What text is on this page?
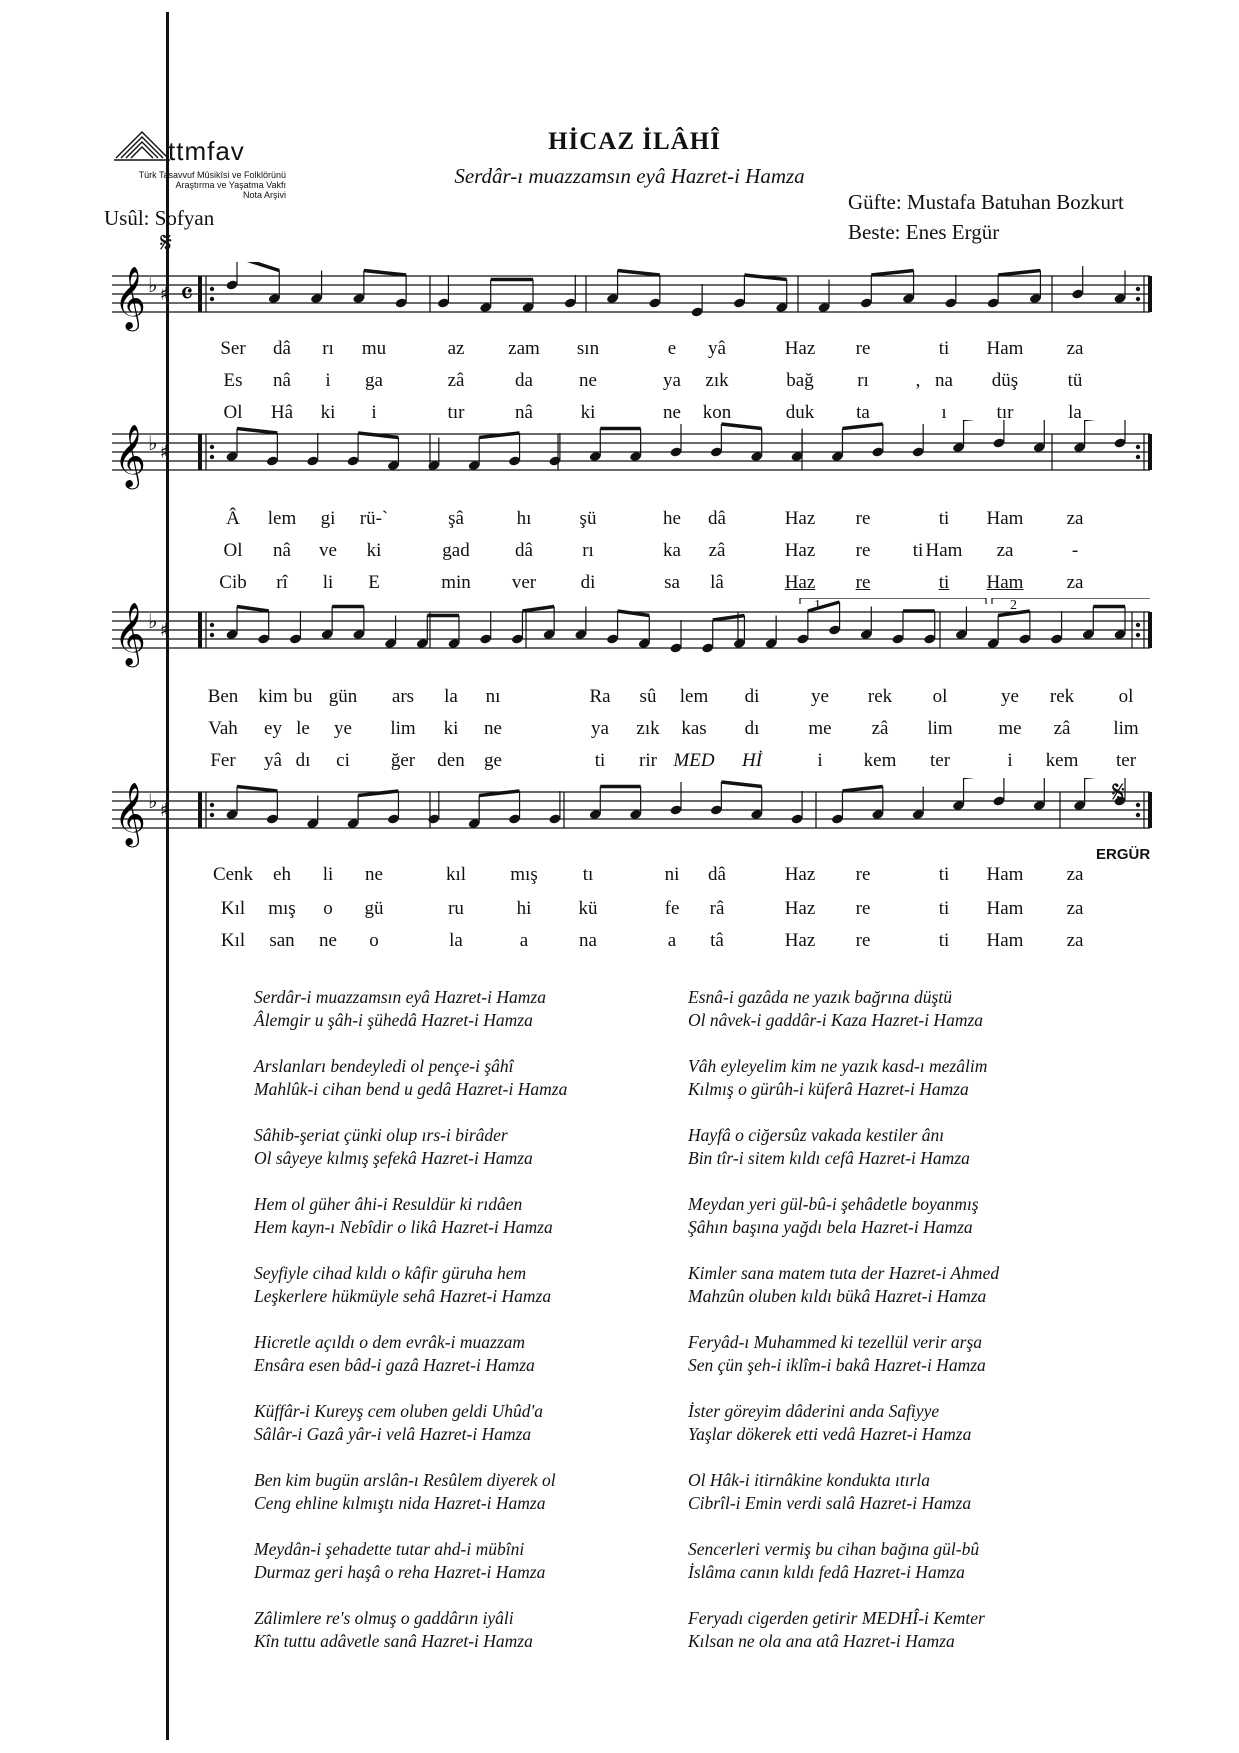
ttmfav
Türk Tasavvuf Mûsikîsi ve Folklörünü
Araştırma ve Yaşatma Vakfı
Nota Arşivi
HİCAZ İLÂHÎ
Serdâr-ı muazzamsın eyâ Hazret-i Hamza
Güfte: Mustafa Batuhan Bozkurt
Beste: Enes Ergür
Usûl: Sofyan
𝄋
𝄞 ♭ ♯ 𝄴
𝄞 ♭ ♯
𝄞 ♭ ♯
𝄞 ♭ ♯
1	2
𝄋
ERGÜR
Ser dâ rı mu	az zam sın	e yâ	Haz re	ti Ham za
Es nâ i ga	zâ	da ne	ya zık	bağ rı , na düş	tü
Ol Hâ ki i	tır	nâ	ki	ne kon	duk ta	ı	tır	la
Â lem gi rü-`	şâ	hı	şü	he dâ	Haz re	ti Ham za
Ol nâ ve ki	gad dâ	rı	ka zâ	Haz re ti Ham za	-
Cib rî li E	min ver di	sa lâ	Haz re	ti Ham za
Ben kim bu gün ars la nı	Ra sû lem di	ye rek ol	ye rek ol
Vah ey le ye lim ki ne	ya zık kas dı	me zâ lim me zâ lim
Fer yâ dı ci ğer den ge	ti rir MED Hİ	i kem ter	i kem ter
Cenk eh li ne	kıl mış tı	ni dâ	Haz re	ti Ham za
Kıl mış o gü	ru	hi kü	fe râ	Haz re	ti Ham za
Kıl san ne o	la	a	na	a tâ	Haz re	ti Ham za
Serdâr-i muazzamsın eyâ Hazret-i Hamza
Âlemgir u şâh-i şühedâ Hazret-i Hamza
Arslanları bendeyledi ol pençe-i şâhî
Mahlûk-i cihan bend u gedâ Hazret-i Hamza
Sâhib-şeriat çünki olup ırs-i birâder
Ol sâyeye kılmış şefekâ Hazret-i Hamza
Hem ol güher âhi-i Resuldür ki rıdâen
Hem kayn-ı Nebîdir o likâ Hazret-i Hamza
Seyfiyle cihad kıldı o kâfir güruha hem
Leşkerlere hükmüyle sehâ Hazret-i Hamza
Hicretle açıldı o dem evrâk-i muazzam
Ensâra esen bâd-i gazâ Hazret-i Hamza
Küffâr-i Kureyş cem oluben geldi Uhûd'a
Sâlâr-i Gazâ yâr-i velâ Hazret-i Hamza
Ben kim bugün arslân-ı Resûlem diyerek ol
Ceng ehline kılmıştı nida Hazret-i Hamza
Meydân-i şehadette tutar ahd-i mübîni
Durmaz geri haşâ o reha Hazret-i Hamza
Zâlimlere re's olmuş o gaddârın iyâli
Kîn tuttu adâvetle sanâ Hazret-i Hamza
Esnâ-i gazâda ne yazık bağrına düştü
Ol nâvek-i gaddâr-i Kaza Hazret-i Hamza
Vâh eyleyelim kim ne yazık kasd-ı mezâlim
Kılmış o gürûh-i küferâ Hazret-i Hamza
Hayfâ o ciğersûz vakada kestiler ânı
Bin tîr-i sitem kıldı cefâ Hazret-i Hamza
Meydan yeri gül-bû-i şehâdetle boyanmış
Şâhın başına yağdı bela Hazret-i Hamza
Kimler sana matem tuta der Hazret-i Ahmed
Mahzûn oluben kıldı bükâ Hazret-i Hamza
Feryâd-ı Muhammed ki tezellül verir arşa
Sen çün şeh-i iklîm-i bakâ Hazret-i Hamza
İster göreyim dâderini anda Safiyye
Yaşlar dökerek etti vedâ Hazret-i Hamza
Ol Hâk-i itirnâkine kondukta ıtırla
Cibrîl-i Emin verdi salâ Hazret-i Hamza
Sencerleri vermiş bu cihan bağına gül-bû
İslâma canın kıldı fedâ Hazret-i Hamza
Feryadı cigerden getirir MEDHÎ-i Kemter
Kılsan ne ola ana atâ Hazret-i Hamza
